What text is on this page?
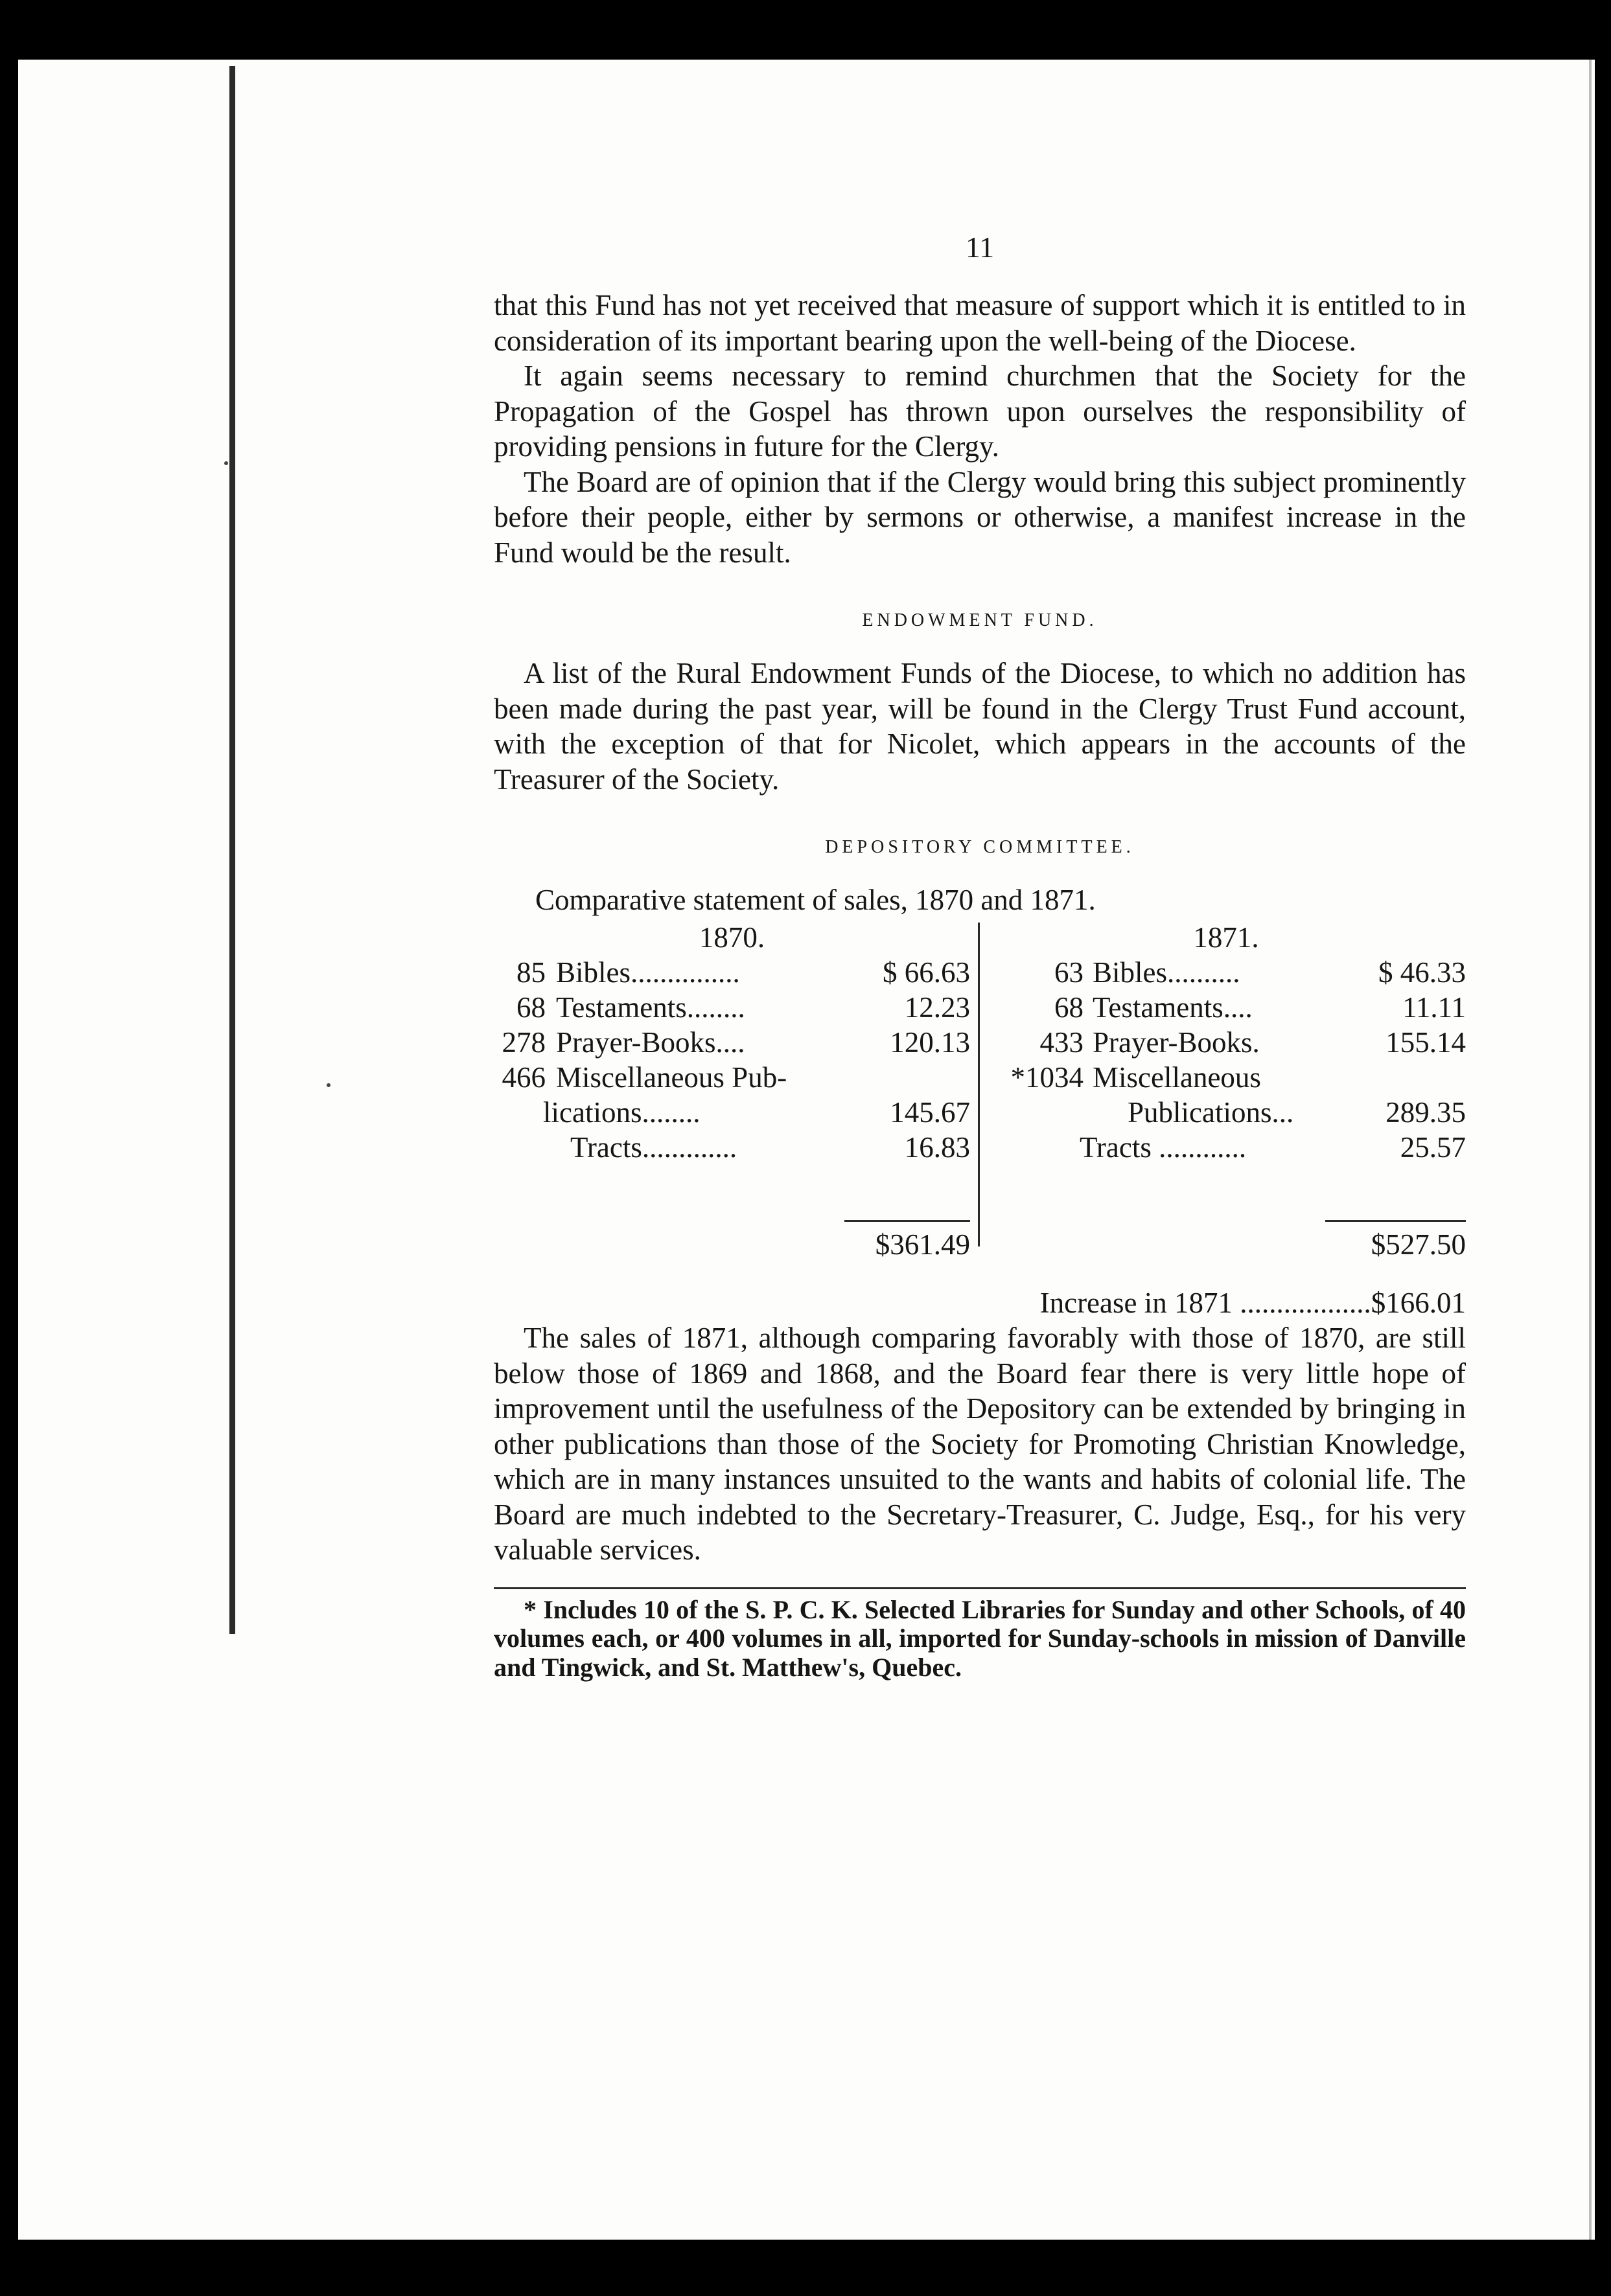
11

that this Fund has not yet received that measure of support which it is entitled to in consideration of its important bearing upon the well-being of the Diocese.

It again seems necessary to remind churchmen that the Society for the Propagation of the Gospel has thrown upon ourselves the responsibility of providing pensions in future for the Clergy.

The Board are of opinion that if the Clergy would bring this subject prominently before their people, either by sermons or otherwise, a manifest increase in the Fund would be the result.

ENDOWMENT FUND.

A list of the Rural Endowment Funds of the Diocese, to which no addition has been made during the past year, will be found in the Clergy Trust Fund account, with the exception of that for Nicolet, which appears in the accounts of the Treasurer of the Society.

DEPOSITORY COMMITTEE.
Comparative statement of sales, 1870 and 1871.
1870.
85 Bibles...............	$ 66.63
68 Testaments........	12.23
278 Prayer-Books....	120.13
466 Miscellaneous Pub-
lications........	145.67
Tracts.............	16.83
1871.
63 Bibles..........	$ 46.33
68 Testaments....	11.11
433 Prayer-Books.	155.14
*1034 Miscellaneous
Publications...	289.35
Tracts ............	25.57
$361.49	$527.50
Increase in 1871 ..................$166.01

The sales of 1871, although comparing favorably with those of 1870, are still below those of 1869 and 1868, and the Board fear there is very little hope of improvement until the usefulness of the Depository can be extended by bringing in other publications than those of the Society for Promoting Christian Knowledge, which are in many instances unsuited to the wants and habits of colonial life. The Board are much indebted to the Secretary-Treasurer, C. Judge, Esq., for his very valuable services.

* Includes 10 of the S. P. C. K. Selected Libraries for Sunday and other Schools, of 40 volumes each, or 400 volumes in all, imported for Sunday-schools in mission of Danville and Tingwick, and St. Matthew's, Quebec.
